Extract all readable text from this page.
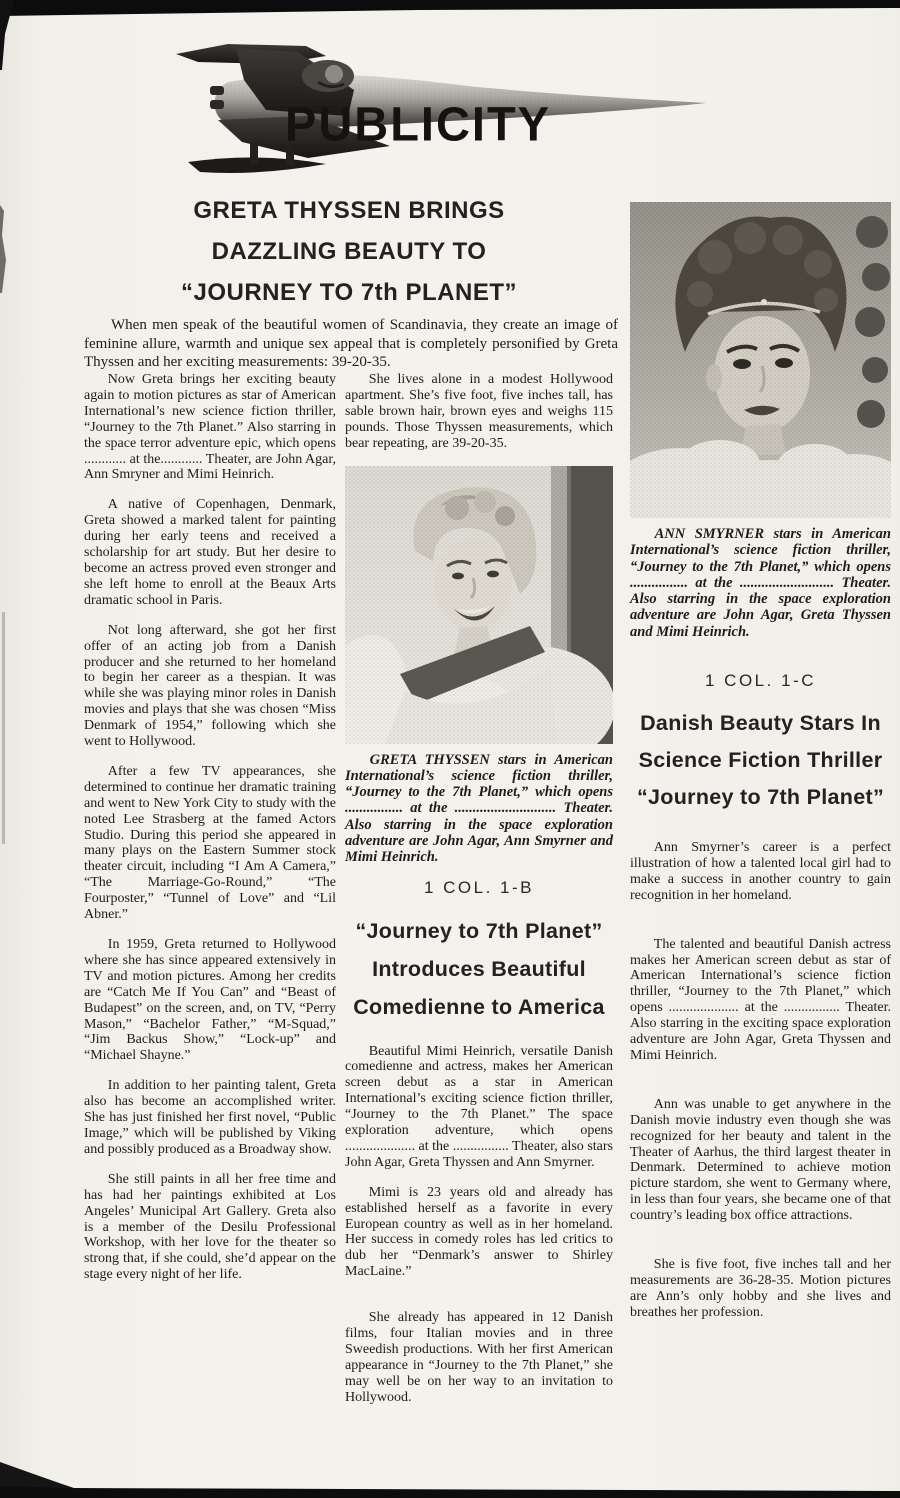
PUBLICITY
GRETA THYSSEN BRINGS
DAZZLING BEAUTY TO
“JOURNEY TO 7th PLANET”
When men speak of the beautiful women of Scandinavia, they create an image of feminine allure, warmth and unique sex appeal that is completely personified by Greta Thyssen and her exciting measurements: 39-20-35.

Now Greta brings her exciting beauty again to motion pictures as star of American International’s new science fiction thriller, “Journey to the 7th Planet.” Also starring in the space terror adventure epic, which opens ............ at the............ Theater, are John Agar, Ann Smryner and Mimi Heinrich.

A native of Copenhagen, Denmark, Greta showed a marked talent for painting during her early teens and received a scholarship for art study. But her desire to become an actress proved even stronger and she left home to enroll at the Beaux Arts dramatic school in Paris.

Not long afterward, she got her first offer of an acting job from a Danish producer and she returned to her homeland to begin her career as a thespian. It was while she was playing minor roles in Danish movies and plays that she was chosen “Miss Denmark of 1954,” following which she went to Hollywood.

After a few TV appearances, she determined to continue her dramatic training and went to New York City to study with the noted Lee Strasberg at the famed Actors Studio. During this period she appeared in many plays on the Eastern Summer stock theater circuit, including “I Am A Camera,” “The Marriage-Go-Round,” “The Fourposter,” “Tunnel of Love” and “Lil Abner.”

In 1959, Greta returned to Hollywood where she has since appeared extensively in TV and motion pictures. Among her credits are “Catch Me If You Can” and “Beast of Budapest” on the screen, and, on TV, “Perry Mason,” “Bachelor Father,” “M-Squad,” “Jim Backus Show,” “Lock-up” and “Michael Shayne.”

In addition to her painting talent, Greta also has become an accomplished writer. She has just finished her first novel, “Public Image,” which will be published by Viking and possibly produced as a Broadway show.

She still paints in all her free time and has had her paintings exhibited at Los Angeles’ Municipal Art Gallery. Greta also is a member of the Desilu Professional Workshop, with her love for the theater so strong that, if she could, she’d appear on the stage every night of her life.

She lives alone in a modest Hollywood apartment. She’s five foot, five inches tall, has sable brown hair, brown eyes and weighs 115 pounds. Those Thyssen measurements, which bear repeating, are 39-20-35.

GRETA THYSSEN stars in American International’s science fiction thriller, “Journey to the 7th Planet,” which opens ................ at the ............................ Theater. Also starring in the space exploration adventure are John Agar, Ann Smyrner and Mimi Heinrich.

1 COL. 1-B
“Journey to 7th Planet”
Introduces Beautiful
Comedienne to America

Beautiful Mimi Heinrich, versatile Danish comedienne and actress, makes her American screen debut as a star in American International’s exciting science fiction thriller, “Journey to the 7th Planet.” The space exploration adventure, which opens .................... at the ................ Theater, also stars John Agar, Greta Thyssen and Ann Smyrner.

Mimi is 23 years old and already has established herself as a favorite in every European country as well as in her homeland. Her success in comedy roles has led critics to dub her “Denmark’s answer to Shirley MacLaine.”

She already has appeared in 12 Danish films, four Italian movies and in three Sweedish productions. With her first American appearance in “Journey to the 7th Planet,” she may well be on her way to an invitation to Hollywood.

ANN SMYRNER stars in American International’s science fiction thriller, “Journey to the 7th Planet,” which opens ................ at the .......................... Theater. Also starring in the space exploration adventure are John Agar, Greta Thyssen and Mimi Heinrich.

1 COL. 1-C
Danish Beauty Stars In
Science Fiction Thriller
“Journey to 7th Planet”

Ann Smyrner’s career is a perfect illustration of how a talented local girl had to make a success in another country to gain recognition in her homeland.

The talented and beautiful Danish actress makes her American screen debut as star of American International’s science fiction thriller, “Journey to the 7th Planet,” which opens .................... at the ................ Theater. Also starring in the exciting space exploration adventure are John Agar, Greta Thyssen and Mimi Heinrich.

Ann was unable to get anywhere in the Danish movie industry even though she was recognized for her beauty and talent in the Theater of Aarhus, the third largest theater in Denmark. Determined to achieve motion picture stardom, she went to Germany where, in less than four years, she became one of that country’s leading box office attractions.

She is five foot, five inches tall and her measurements are 36-28-35. Motion pictures are Ann’s only hobby and she lives and breathes her profession.
